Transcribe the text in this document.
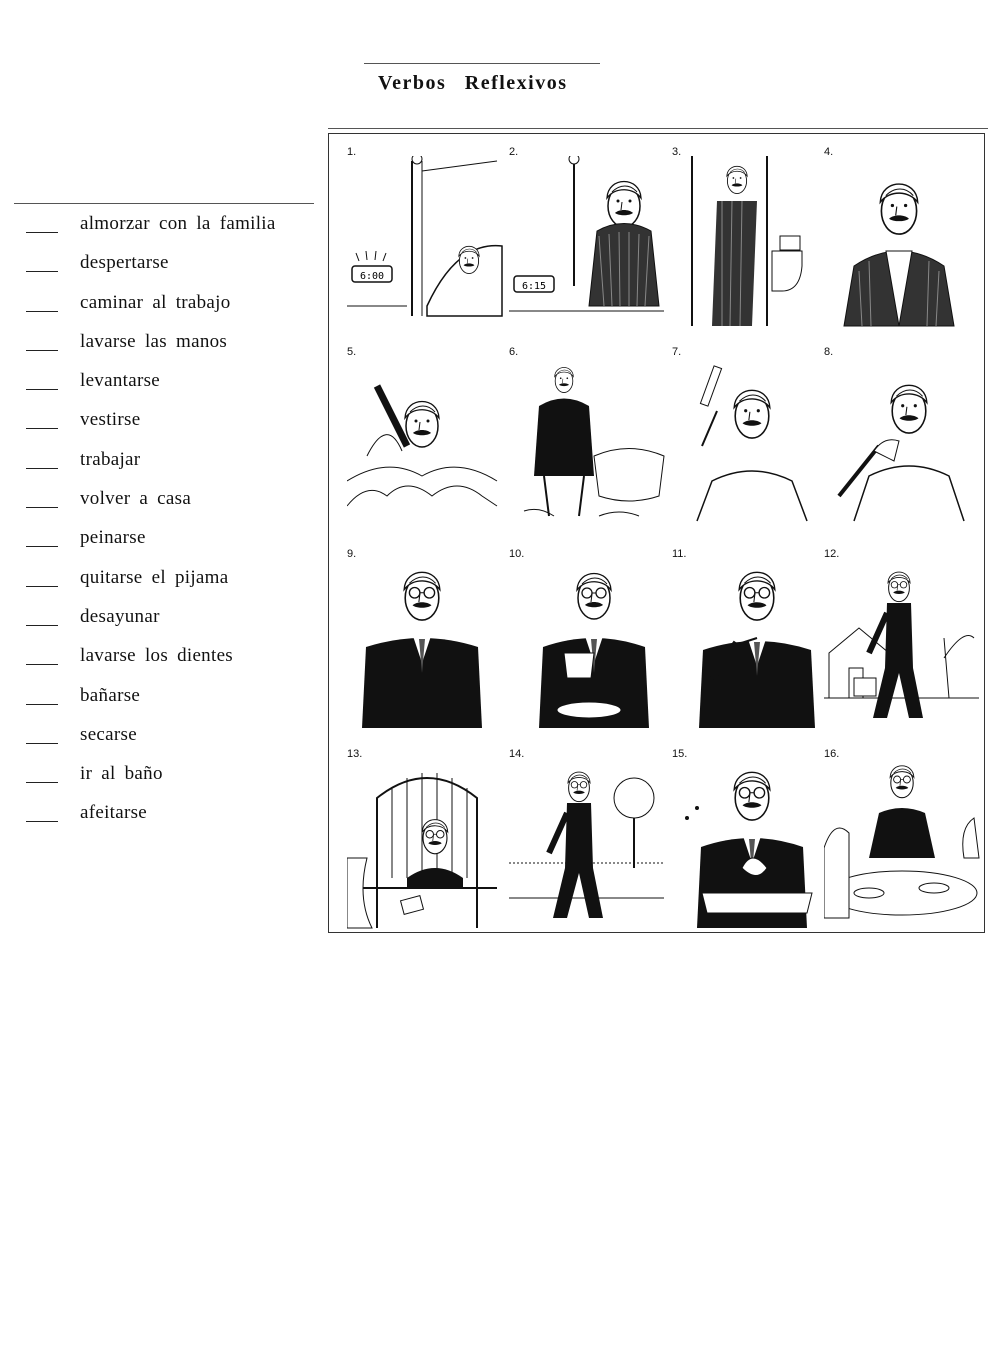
Verbos Reflexivos
almorzar con la familia
despertarse
caminar al trabajo
lavarse las manos
levantarse
vestirse
trabajar
volver a casa
peinarse
quitarse el pijama
desayunar
lavarse los dientes
bañarse
secarse
ir al baño
afeitarse
1.
6:00
2.
6:15
3.	4.
5.	6.	7.	8.
9.	10.	11.	12.
13.	14.	15.	16.
